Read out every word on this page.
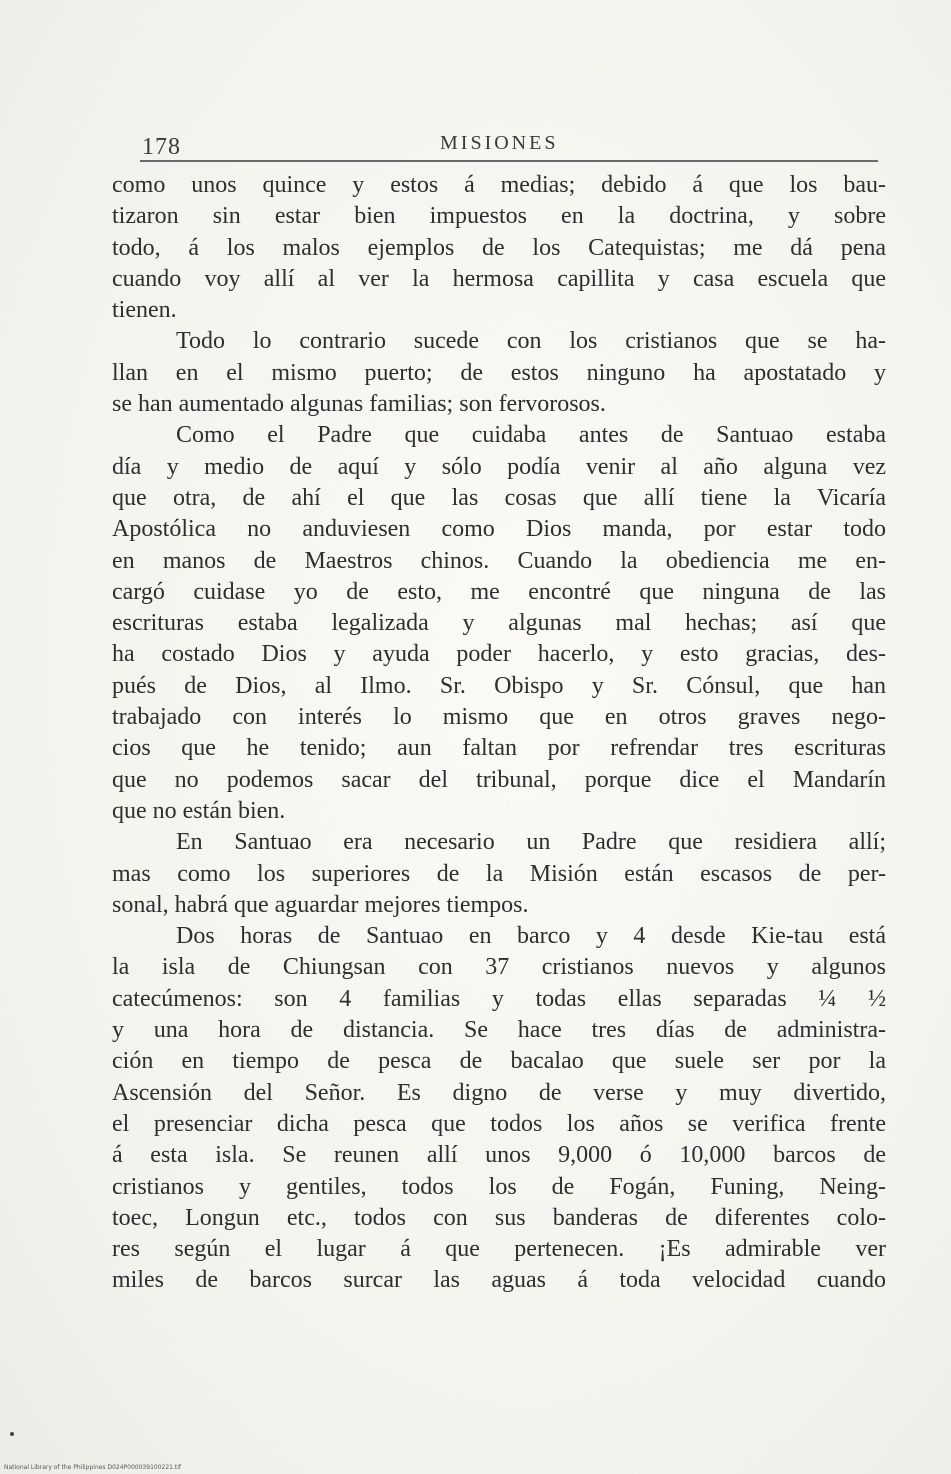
178	MISIONES
como unos quince y estos á medias; debido á que los bau-
tizaron sin estar bien impuestos en la doctrina, y sobre
todo, á los malos ejemplos de los Catequistas; me dá pena
cuando voy allí al ver la hermosa capillita y casa escuela que
tienen.
Todo lo contrario sucede con los cristianos que se ha-
llan en el mismo puerto; de estos ninguno ha apostatado y
se han aumentado algunas familias; son fervorosos.
Como el Padre que cuidaba antes de Santuao estaba
día y medio de aquí y sólo podía venir al año alguna vez
que otra, de ahí el que las cosas que allí tiene la Vicaría
Apostólica no anduviesen como Dios manda, por estar todo
en manos de Maestros chinos. Cuando la obediencia me en-
cargó cuidase yo de esto, me encontré que ninguna de las
escrituras estaba legalizada y algunas mal hechas; así que
ha costado Dios y ayuda poder hacerlo, y esto gracias, des-
pués de Dios, al Ilmo. Sr. Obispo y Sr. Cónsul, que han
trabajado con interés lo mismo que en otros graves nego-
cios que he tenido; aun faltan por refrendar tres escrituras
que no podemos sacar del tribunal, porque dice el Mandarín
que no están bien.
En Santuao era necesario un Padre que residiera allí;
mas como los superiores de la Misión están escasos de per-
sonal, habrá que aguardar mejores tiempos.
Dos horas de Santuao en barco y 4 desde Kie-tau está
la isla de Chiungsan con 37 cristianos nuevos y algunos
catecúmenos: son 4 familias y todas ellas separadas ¼ ½
y una hora de distancia. Se hace tres días de administra-
ción en tiempo de pesca de bacalao que suele ser por la
Ascensión del Señor. Es digno de verse y muy divertido,
el presenciar dicha pesca que todos los años se verifica frente
á esta isla. Se reunen allí unos 9,000 ó 10,000 barcos de
cristianos y gentiles, todos los de Fogán, Funing, Neing-
toec, Longun etc., todos con sus banderas de diferentes colo-
res según el lugar á que pertenecen. ¡Es admirable ver
miles de barcos surcar las aguas á toda velocidad cuando
National Library of the Philippines D024P000039100221.tif
